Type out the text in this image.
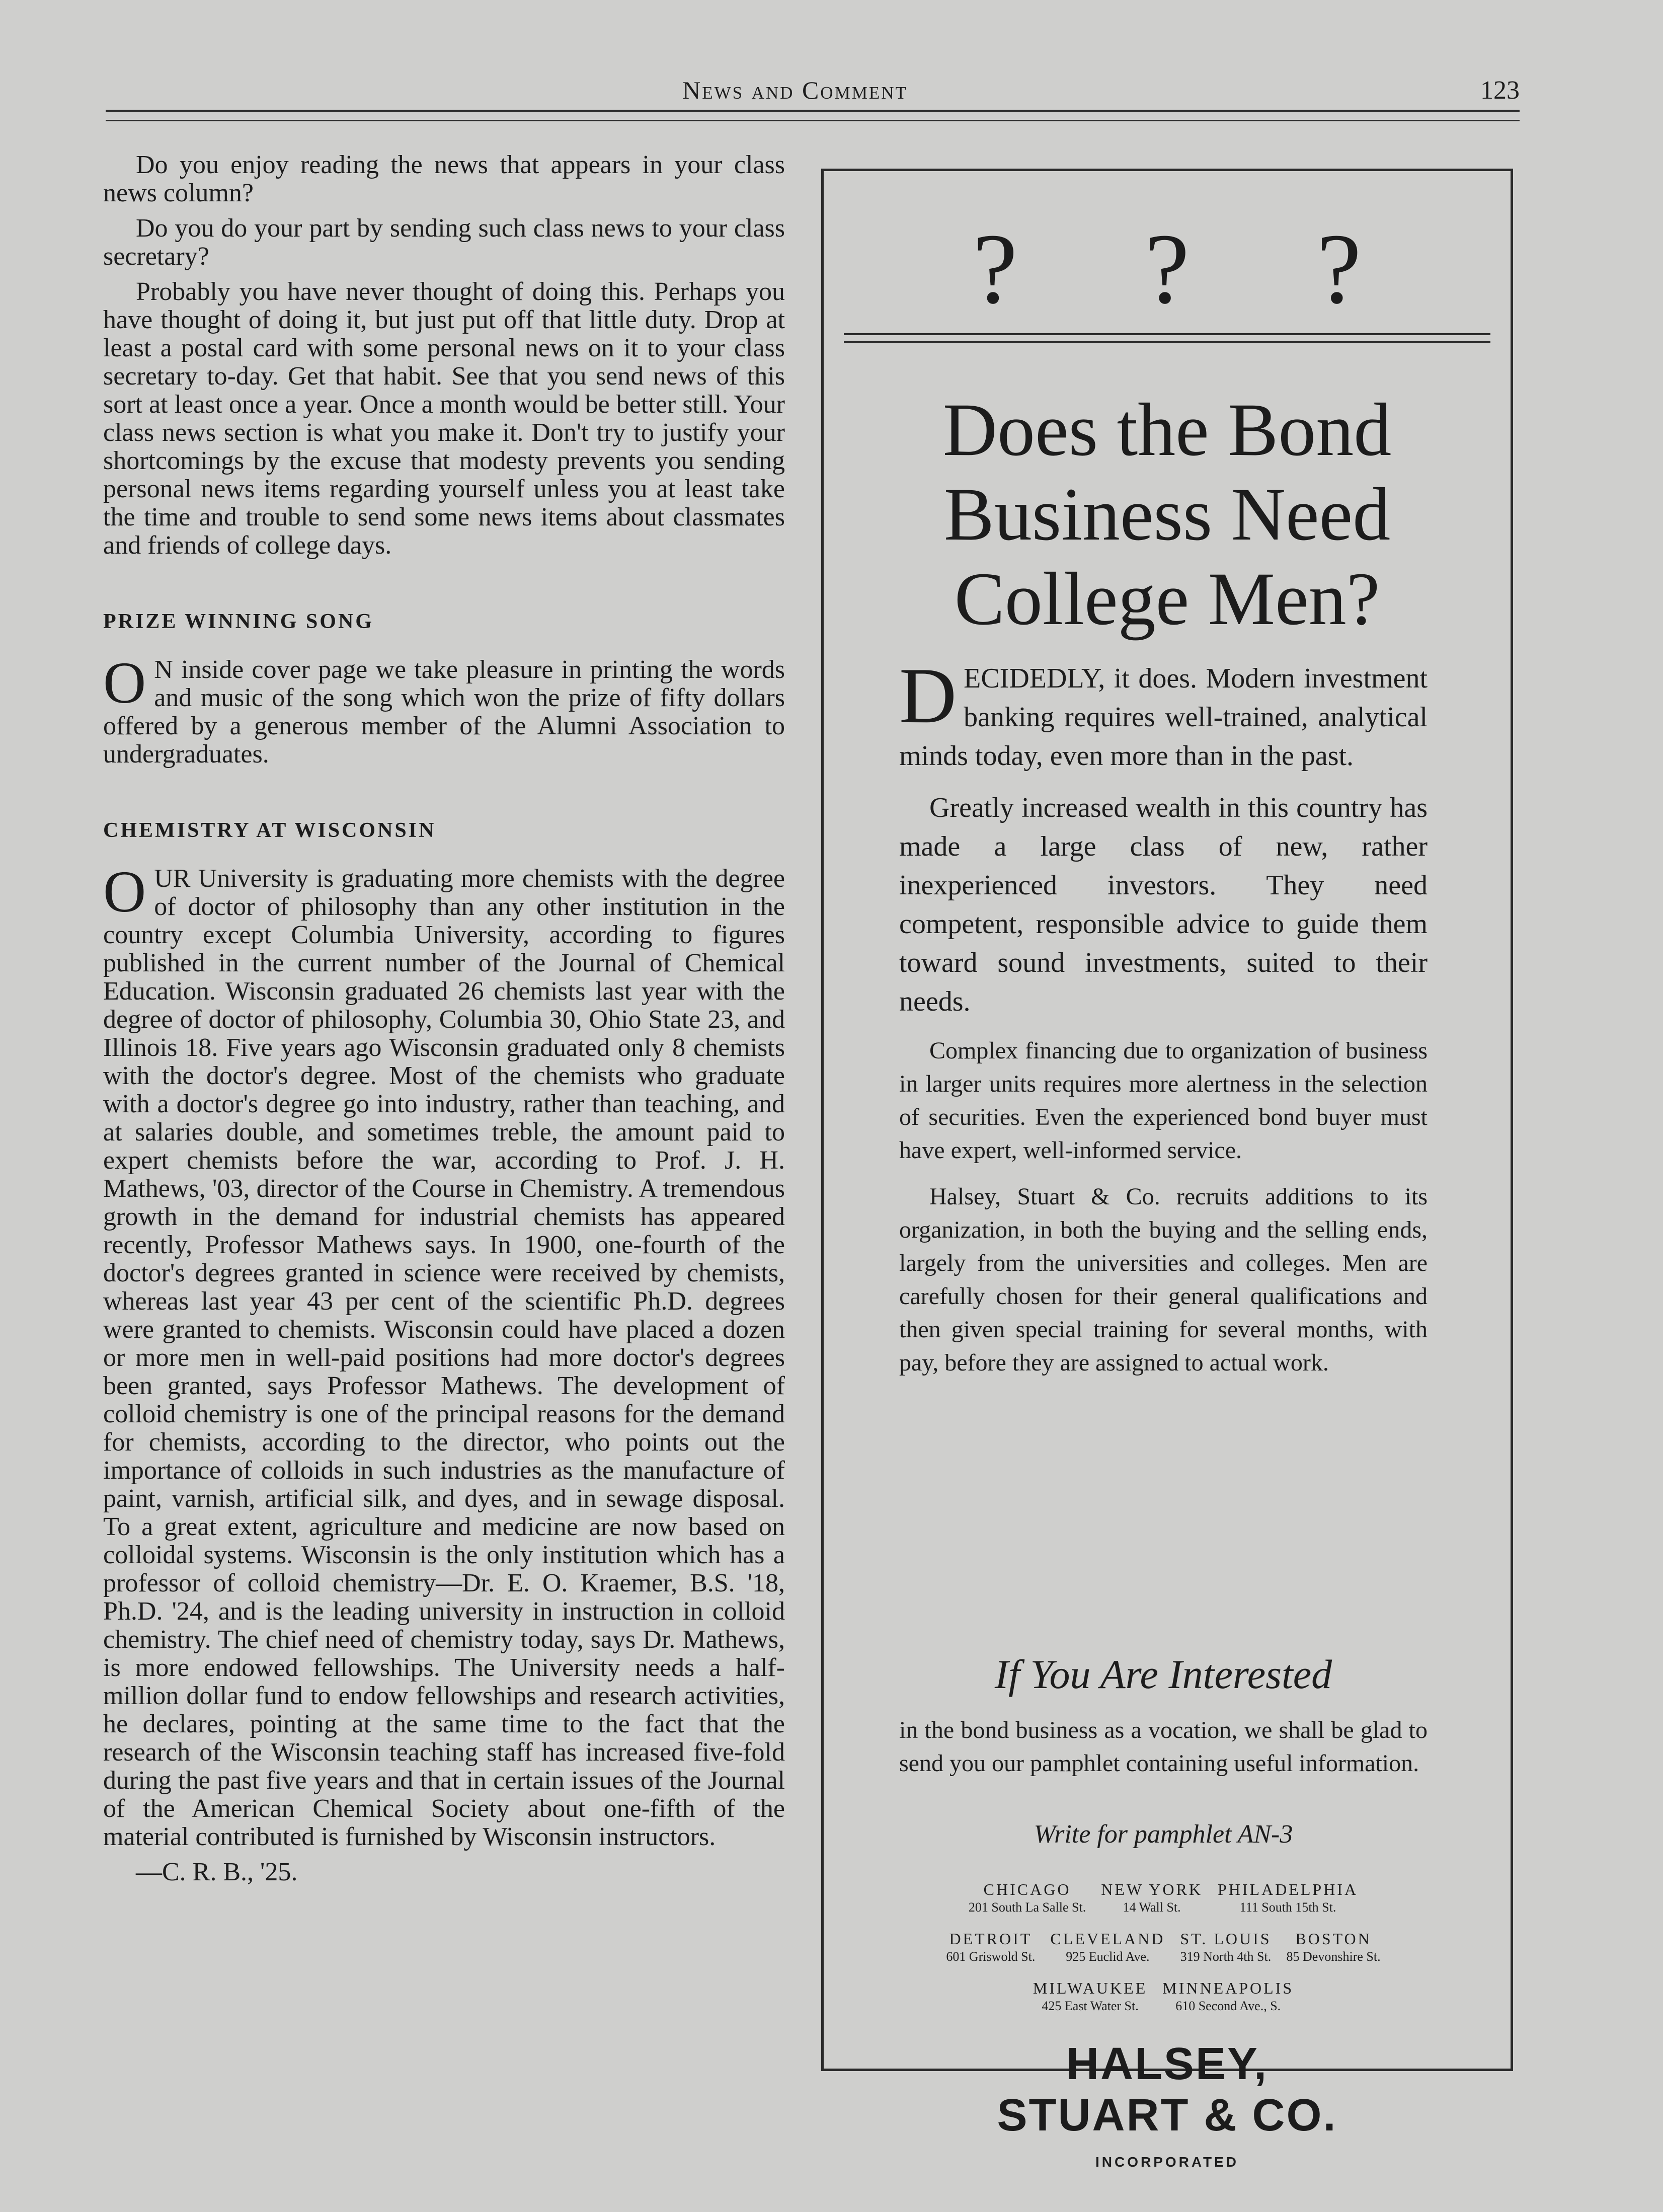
News and Comment	123

Do you enjoy reading the news that appears in your class news column?

Do you do your part by sending such class news to your class secretary?

Probably you have never thought of doing this. Perhaps you have thought of doing it, but just put off that little duty. Drop at least a postal card with some personal news on it to your class secretary to-day. Get that habit. See that you send news of this sort at least once a year. Once a month would be better still. Your class news section is what you make it. Don't try to justify your shortcomings by the excuse that modesty prevents you sending personal news items regarding yourself unless you at least take the time and trouble to send some news items about classmates and friends of college days.

PRIZE WINNING SONG

O N inside cover page we take pleasure in printing the words and music of the song which won the prize of fifty dollars offered by a generous member of the Alumni Association to undergraduates.

CHEMISTRY AT WISCONSIN

OUR University is graduating more chemists with the degree of doctor of philosophy than any other institution in the country except Columbia University, according to figures published in the current number of the Journal of Chemical Education. Wisconsin graduated 26 chemists last year with the degree of doctor of philosophy, Columbia 30, Ohio State 23, and Illinois 18. Five years ago Wisconsin graduated only 8 chemists with the doctor's degree. Most of the chemists who graduate with a doctor's degree go into industry, rather than teaching, and at salaries double, and sometimes treble, the amount paid to expert chemists before the war, according to Prof. J. H. Mathews, '03, director of the Course in Chemistry. A tremendous growth in the demand for industrial chemists has appeared recently, Professor Mathews says. In 1900, one-fourth of the doctor's degrees granted in science were received by chemists, whereas last year 43 per cent of the scientific Ph.D. degrees were granted to chemists. Wisconsin could have placed a dozen or more men in well-paid positions had more doctor's degrees been granted, says Professor Mathews. The development of colloid chemistry is one of the principal reasons for the demand for chemists, according to the director, who points out the importance of colloids in such industries as the manufacture of paint, varnish, artificial silk, and dyes, and in sewage disposal. To a great extent, agriculture and medicine are now based on colloidal systems. Wisconsin is the only institution which has a professor of colloid chemistry—Dr. E. O. Kraemer, B.S. '18, Ph.D. '24, and is the leading university in instruction in colloid chemistry. The chief need of chemistry today, says Dr. Mathews, is more endowed fellowships. The University needs a half-million dollar fund to endow fellowships and research activities, he declares, pointing at the same time to the fact that the research of the Wisconsin teaching staff has increased five-fold during the past five years and that in certain issues of the Journal of the American Chemical Society about one-fifth of the material contributed is furnished by Wisconsin instructors.

—C. R. B., '25.

? ? ?
Does the Bond Business Need College Men?

DECIDEDLY, it does. Modern investment banking requires well-trained, analytical minds today, even more than in the past.

Greatly increased wealth in this country has made a large class of new, rather inexperienced investors. They need competent, responsible advice to guide them toward sound investments, suited to their needs.

Complex financing due to organization of business in larger units requires more alertness in the selection of securities. Even the experienced bond buyer must have expert, well-informed service.

Halsey, Stuart & Co. recruits additions to its organization, in both the buying and the selling ends, largely from the universities and colleges. Men are carefully chosen for their general qualifications and then given special training for several months, with pay, before they are assigned to actual work.

If You Are Interested
in the bond business as a vocation, we shall be glad to send you our pamphlet containing useful information.
Write for pamphlet AN-3
CHICAGO
201 South La Salle St.
NEW YORK
14 Wall St.
PHILADELPHIA
111 South 15th St.
DETROIT
601 Griswold St.
CLEVELAND
925 Euclid Ave.
ST. LOUIS
319 North 4th St.
BOSTON
85 Devonshire St.
MILWAUKEE
425 East Water St.
MINNEAPOLIS
610 Second Ave., S.
HALSEY,
STUART & CO.
INCORPORATED
